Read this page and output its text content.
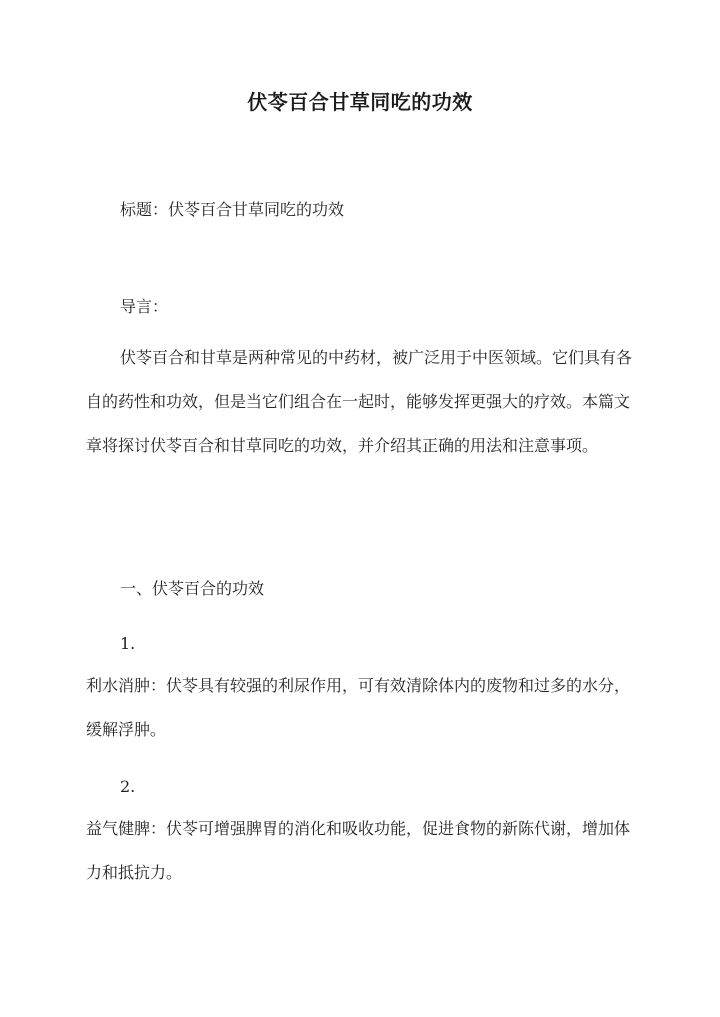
伏苓百合甘草同吃的功效
标题：伏苓百合甘草同吃的功效
导言：
伏苓百合和甘草是两种常见的中药材，被广泛用于中医领域。它们具有各自的药性和功效，但是当它们组合在一起时，能够发挥更强大的疗效。本篇文章将探讨伏苓百合和甘草同吃的功效，并介绍其正确的用法和注意事项。
一、伏苓百合的功效
1.
利水消肿：伏苓具有较强的利尿作用，可有效清除体内的废物和过多的水分，缓解浮肿。
2.
益气健脾：伏苓可增强脾胃的消化和吸收功能，促进食物的新陈代谢，增加体力和抵抗力。
